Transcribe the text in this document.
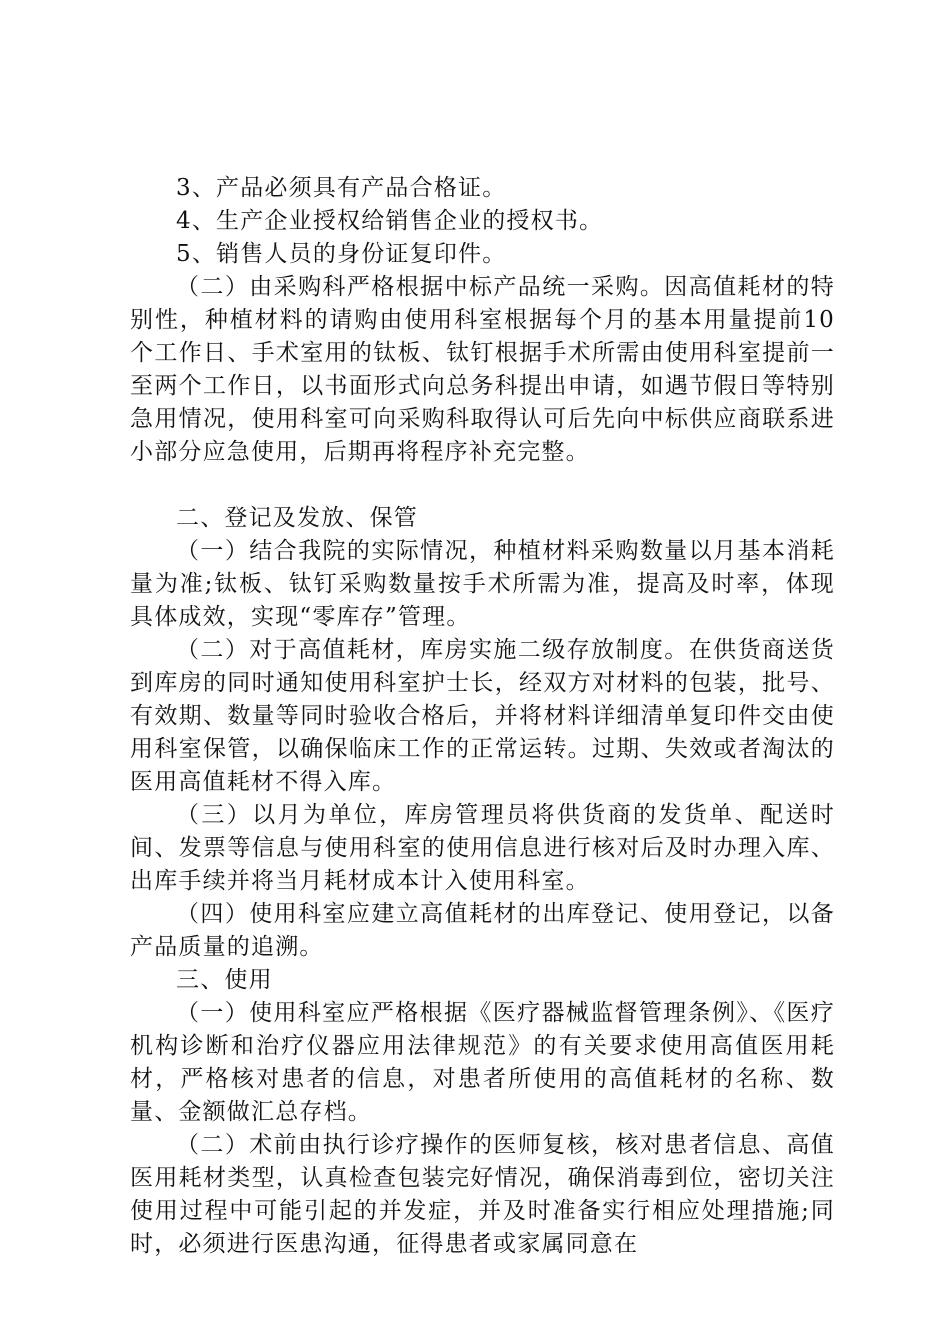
3、产品必须具有产品合格证。

4、生产企业授权给销售企业的授权书。

5、销售人员的身份证复印件。

（二）由采购科严格根据中标产品统一采购。因高值耗材的特别性，种植材料的请购由使用科室根据每个月的基本用量提前10个工作日、手术室用的钛板、钛钉根据手术所需由使用科室提前一至两个工作日，以书面形式向总务科提出申请，如遇节假日等特别急用情况，使用科室可向采购科取得认可后先向中标供应商联系进小部分应急使用，后期再将程序补充完整。

二、登记及发放、保管

（一）结合我院的实际情况，种植材料采购数量以月基本消耗量为准;钛板、钛钉采购数量按手术所需为准，提高及时率，体现具体成效，实现“零库存”管理。

（二）对于高值耗材，库房实施二级存放制度。在供货商送货到库房的同时通知使用科室护士长，经双方对材料的包装，批号、有效期、数量等同时验收合格后，并将材料详细清单复印件交由使用科室保管，以确保临床工作的正常运转。过期、失效或者淘汰的医用高值耗材不得入库。

（三）以月为单位，库房管理员将供货商的发货单、配送时间、发票等信息与使用科室的使用信息进行核对后及时办理入库、出库手续并将当月耗材成本计入使用科室。

（四）使用科室应建立高值耗材的出库登记、使用登记，以备产品质量的追溯。

三、使用

（一）使用科室应严格根据《医疗器械监督管理条例》、《医疗机构诊断和治疗仪器应用法律规范》的有关要求使用高值医用耗材，严格核对患者的信息，对患者所使用的高值耗材的名称、数量、金额做汇总存档。

（二）术前由执行诊疗操作的医师复核，核对患者信息、高值医用耗材类型，认真检查包装完好情况，确保消毒到位，密切关注使用过程中可能引起的并发症，并及时准备实行相应处理措施;同时，必须进行医患沟通，征得患者或家属同意在
